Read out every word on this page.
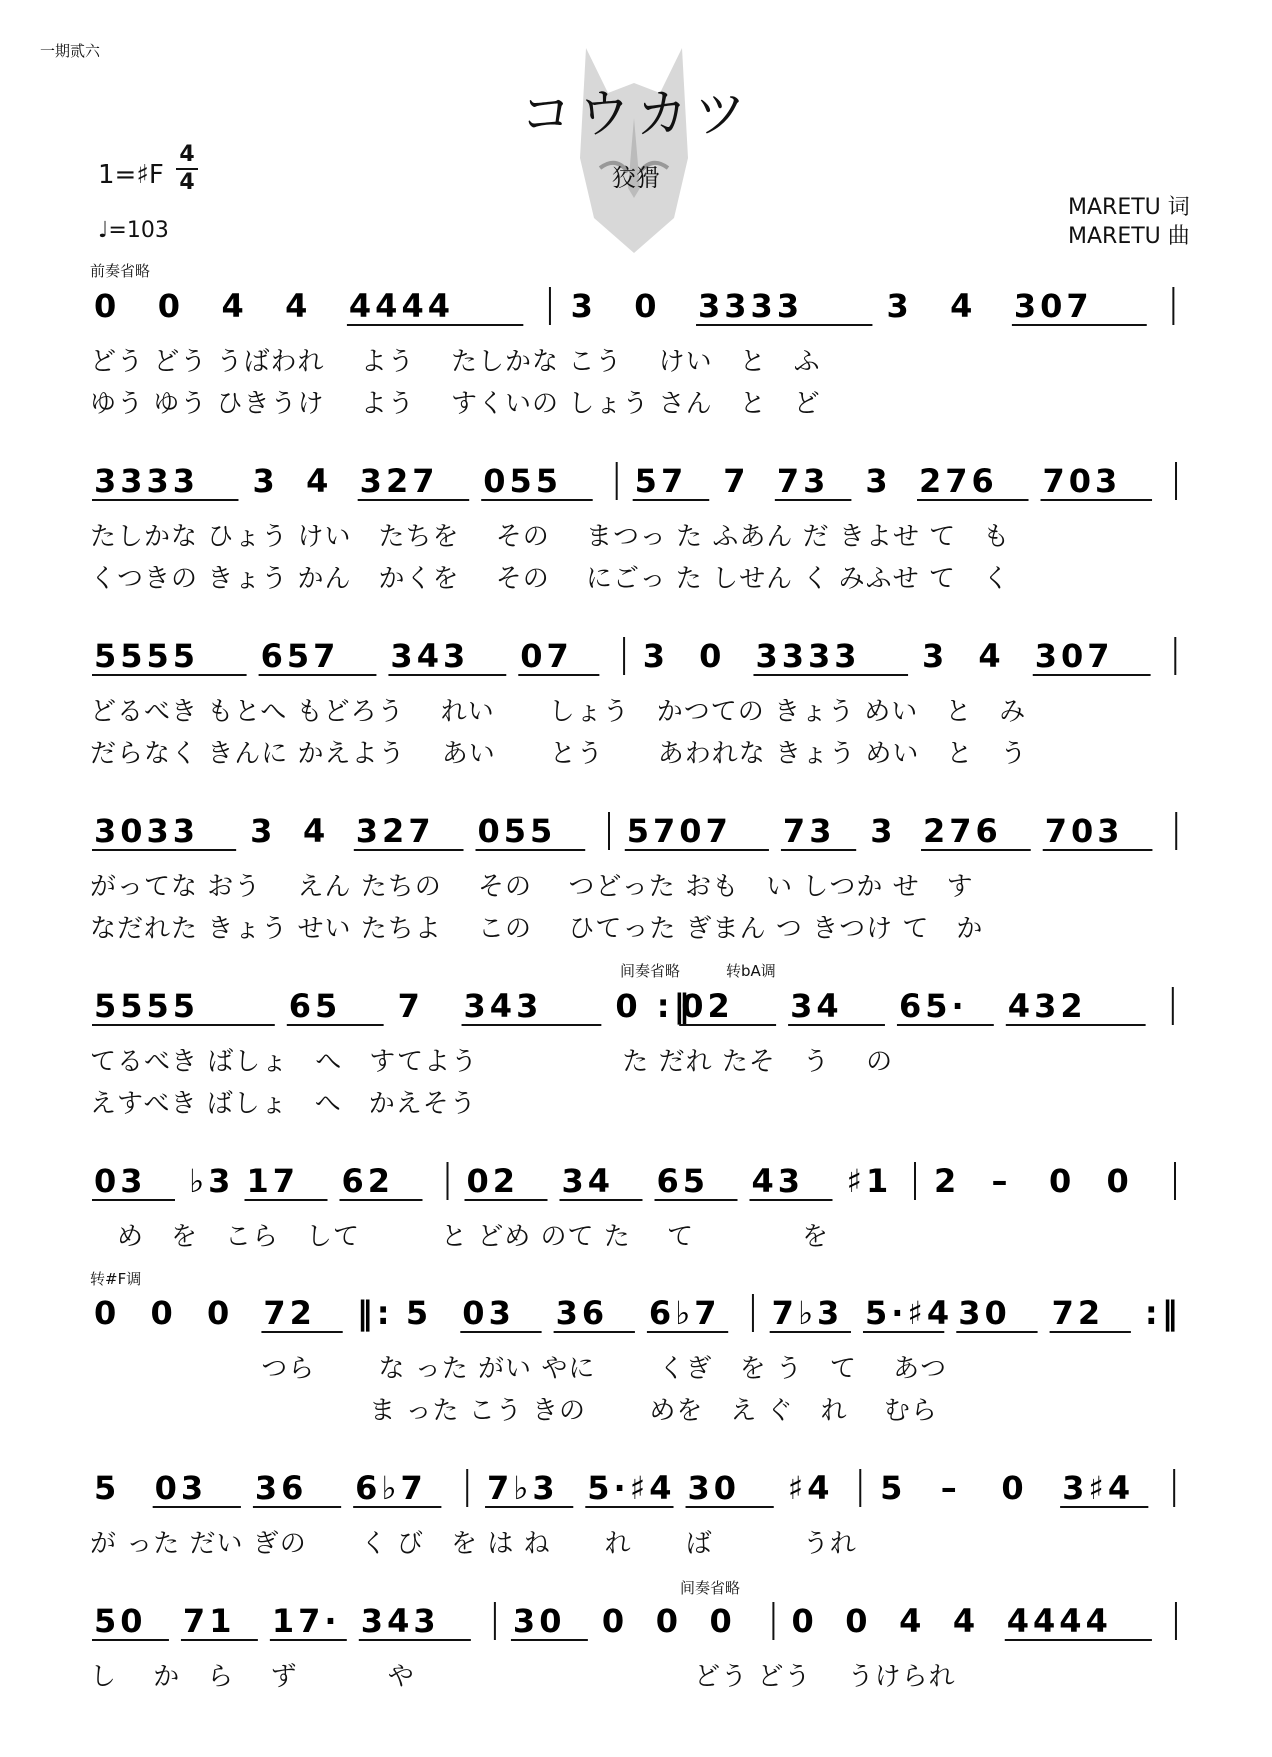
一期贰六
コウカツ
狡猾
1=♯F
4
4
♩=103
MARETU 词
MARETU 曲
前奏省略
间奏省略	转bA调
转#F调
间奏省略
0 0 4 4 4444	3 0 3333	3 4 307
どう どう うばわれ　 よう　 たしかな こう　 けい　と　ふ
ゆう ゆう ひきうけ　 よう　 すくいの しょう さん　と　ど
3333 3 4 327 055 57 7 73 3 276 703
たしかな ひょう けい　たちを　 その　 まつっ た ふあん だ きよせ て　も
くつきの きょう かん　かくを　 その　 にごっ た しせん く みふせ て　く
5555 657 343 07 3 0 3333 3 4 307
どるべき もとへ もどろう　 れい　　しょう　かつての きょう めい　と　み
だらなく きんに かえよう　 あい　　とう　　あわれな きょう めい　と　う
3033 3 4 327 055 5707 73 3 276 703
がってな おう　 えん たちの　 その　 つどった おも　い しつか せ　す
なだれた きょう せい たちよ　 この　 ひてった ぎまん つ きつけ て　か
5555	65 7 343 0 :‖
02 34 65· 432
てるべき ばしょ　へ　すてよう　　　　　 た だれ たそ　う　 の
えすべき ばしょ　へ　かえそう
03 ♭3 17 62 02 34 65 43 ♯1 2 – 0 0
　め　を　こら　して　　　と どめ のて た　 て　　　　を
0 0 0 72 ‖: 5 03 36 6♭7 7♭3 5·♯4 30 72 :‖
　　　　　　 つら　　 な った がい やに　　 くぎ　を う　て　 あつ
　　　　　　　　　　 ま った こう きの　　 めを　え ぐ　れ　 むら
5 03 36 6♭7 7♭3 5·♯4 30 ♯4 5 – 0 3♯4
が った だい ぎの　　く び　を は ね　　れ　　ば　　　 うれ
50 71 17· 343 30 0 0 0 0 0 4 4 4444
し　 か　ら　 ず　　　 や　　　　　　　　　　 どう どう　 うけられ
